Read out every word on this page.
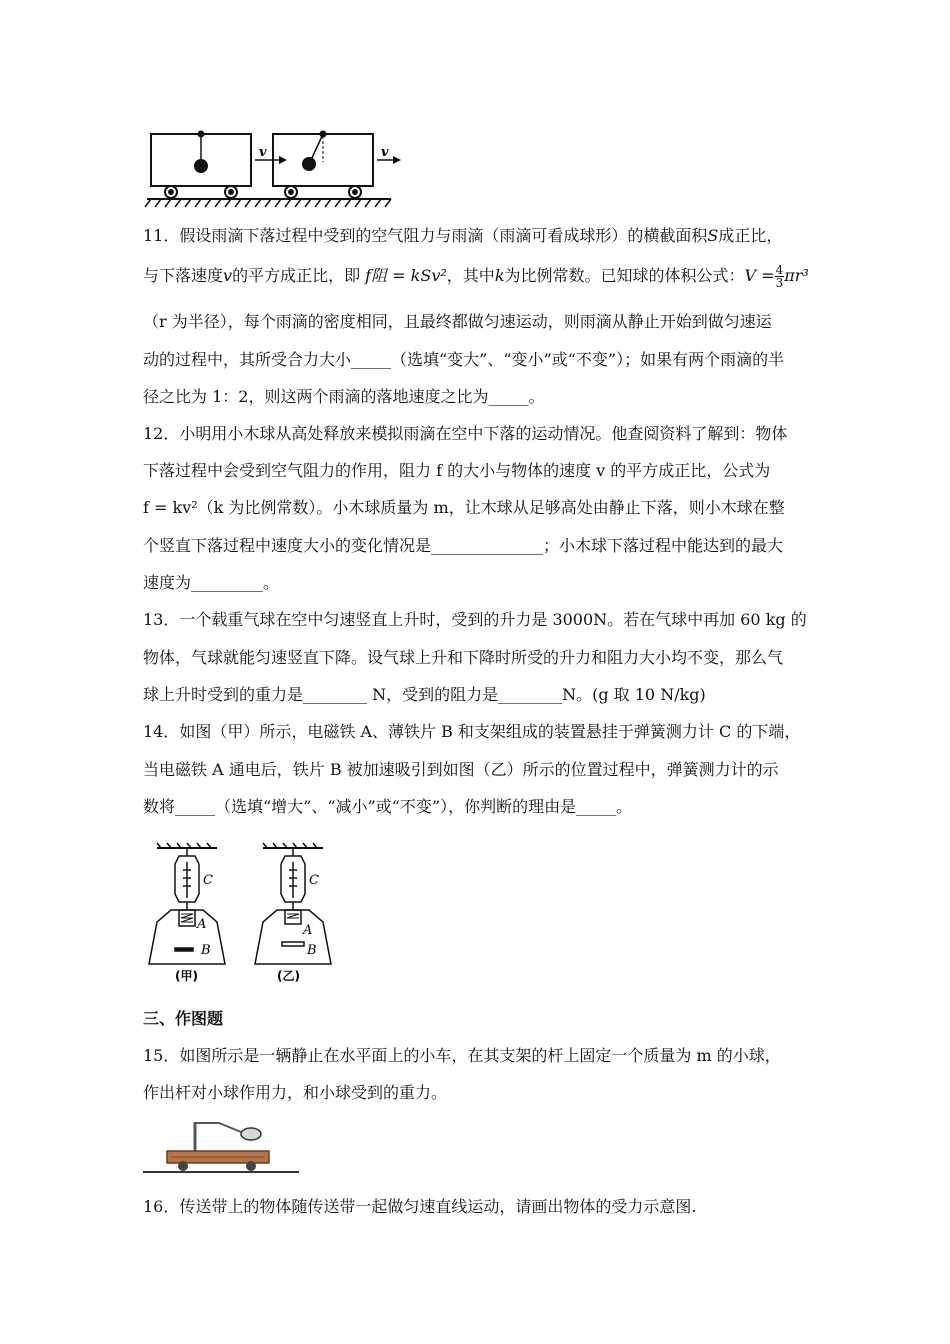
v	v
11．假设雨滴下落过程中受到的空气阻力与雨滴（雨滴可看成球形）的横截面积S成正比，
与下落速度v的平方成正比，即 f阻 = kSv²，其中k为比例常数。已知球的体积公式：$V = \frac{4}{3} \pi r^3$
（r 为半径），每个雨滴的密度相同，且最终都做匀速运动，则雨滴从静止开始到做匀速运
动的过程中，其所受合力大小_____（选填“变大”、“变小”或“不变”）；如果有两个雨滴的半
径之比为 1：2，则这两个雨滴的落地速度之比为_____。
12．小明用小木球从高处释放来模拟雨滴在空中下落的运动情况。他查阅资料了解到：物体
下落过程中会受到空气阻力的作用，阻力 f 的大小与物体的速度 v 的平方成正比，公式为
f = kv²（k 为比例常数）。小木球质量为 m，让木球从足够高处由静止下落，则小木球在整
个竖直下落过程中速度大小的变化情况是______________；小木球下落过程中能达到的最大
速度为_________。
13．一个载重气球在空中匀速竖直上升时，受到的升力是 3000N。若在气球中再加 60 kg 的
物体，气球就能匀速竖直下降。设气球上升和下降时所受的升力和阻力大小均不变，那么气
球上升时受到的重力是________ N，受到的阻力是________N。(g 取 10 N/kg)
14．如图（甲）所示，电磁铁 A、薄铁片 B 和支架组成的装置悬挂于弹簧测力计 C 的下端，
当电磁铁 A 通电后，铁片 B 被加速吸引到如图（乙）所示的位置过程中，弹簧测力计的示
数将_____（选填“增大”、“减小”或“不变”），你判断的理由是_____。
C
A
B
(甲)
C
A
B
(乙)
三、作图题
15．如图所示是一辆静止在水平面上的小车，在其支架的杆上固定一个质量为 m 的小球，
作出杆对小球作用力，和小球受到的重力。
16．传送带上的物体随传送带一起做匀速直线运动，请画出物体的受力示意图.
